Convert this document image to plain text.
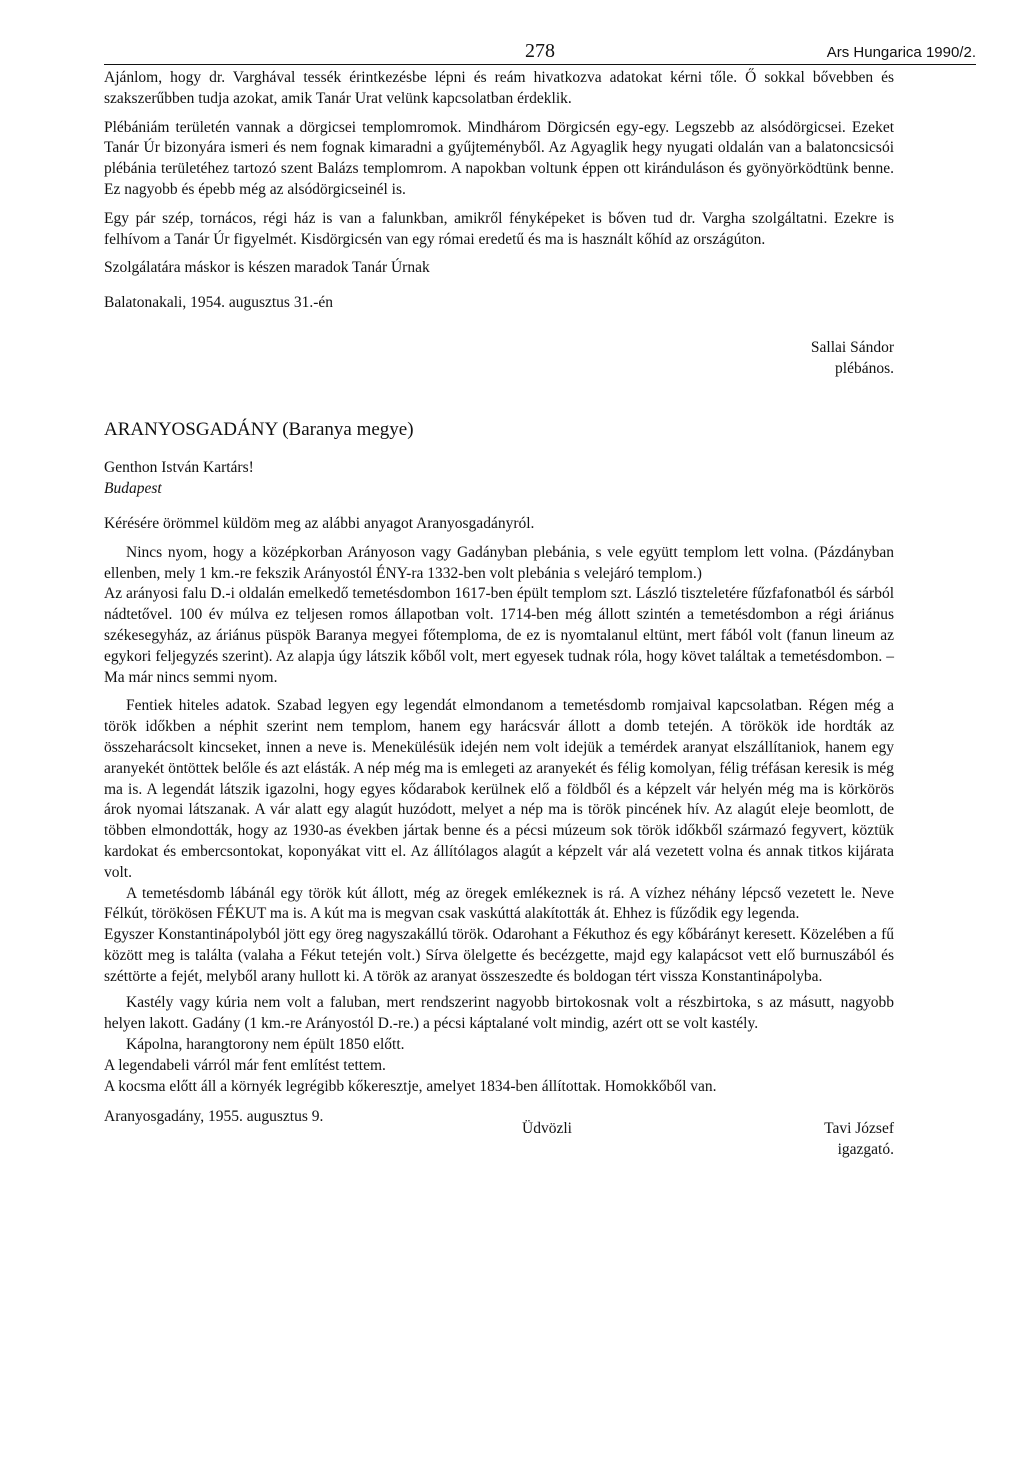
278	Ars Hungarica 1990/2.

Ajánlom, hogy dr. Varghával tessék érintkezésbe lépni és reám hivatkozva adatokat kérni tőle. Ő sokkal bővebben és szakszerűbben tudja azokat, amik Tanár Urat velünk kapcsolatban érdeklik.

Plébániám területén vannak a dörgicsei templomromok. Mindhárom Dörgicsén egy-egy. Legszebb az alsódörgicsei. Ezeket Tanár Úr bizonyára ismeri és nem fognak kimaradni a gyűjteményből. Az Agyaglik hegy nyugati oldalán van a balatoncsicsói plébánia területéhez tartozó szent Balázs templomrom. A napokban voltunk éppen ott kiránduláson és gyönyörködtünk benne. Ez nagyobb és épebb még az alsódörgicseinél is.

Egy pár szép, tornácos, régi ház is van a falunkban, amikről fényképeket is bőven tud dr. Vargha szolgáltatni. Ezekre is felhívom a Tanár Úr figyelmét. Kisdörgicsén van egy római eredetű és ma is használt kőhíd az országúton.

Szolgálatára máskor is készen maradok Tanár Úrnak

Balatonakali, 1954. augusztus 31.-én

Sallai Sándor
plébános.
ARANYOSGADÁNY (Baranya megye)
Genthon István Kartárs!
Budapest

Kérésére örömmel küldöm meg az alábbi anyagot Aranyosgadányról.

Nincs nyom, hogy a középkorban Arányoson vagy Gadányban plebánia, s vele együtt templom lett volna. (Pázdányban ellenben, mely 1 km.-re fekszik Arányostól ÉNY-ra 1332-ben volt plebánia s velejáró templom.)

Az arányosi falu D.-i oldalán emelkedő temetésdombon 1617-ben épült templom szt. László tiszteletére fűzfafonatból és sárból nádtetővel. 100 év múlva ez teljesen romos állapotban volt. 1714-ben még állott szintén a temetésdombon a régi áriánus székesegyház, az áriánus püspök Baranya megyei főtemploma, de ez is nyomtalanul eltünt, mert fából volt (fanun lineum az egykori feljegyzés szerint). Az alapja úgy látszik kőből volt, mert egyesek tudnak róla, hogy követ találtak a temetésdombon. – Ma már nincs semmi nyom.

Fentiek hiteles adatok. Szabad legyen egy legendát elmondanom a temetésdomb romjaival kapcsolatban. Régen még a török időkben a néphit szerint nem templom, hanem egy harácsvár állott a domb tetején. A törökök ide hordták az összeharácsolt kincseket, innen a neve is. Menekülésük idején nem volt idejük a temérdek aranyat elszállítaniok, hanem egy aranyekét öntöttek belőle és azt elásták. A nép még ma is emlegeti az aranyekét és félig komolyan, félig tréfásan keresik is még ma is. A legendát látszik igazolni, hogy egyes kődarabok kerülnek elő a földből és a képzelt vár helyén még ma is körkörös árok nyomai látszanak. A vár alatt egy alagút huzódott, melyet a nép ma is török pincének hív. Az alagút eleje beomlott, de többen elmondották, hogy az 1930-as években jártak benne és a pécsi múzeum sok török időkből származó fegyvert, köztük kardokat és embercsontokat, koponyákat vitt el. Az állítólagos alagút a képzelt vár alá vezetett volna és annak titkos kijárata volt.

A temetésdomb lábánál egy török kút állott, még az öregek emlékeznek is rá. A vízhez néhány lépcső vezetett le. Neve Félkút, törökösen FÉKUT ma is. A kút ma is megvan csak vaskúttá alakították át. Ehhez is fűződik egy legenda.

Egyszer Konstantinápolyból jött egy öreg nagyszakállú török. Odarohant a Fékuthoz és egy kőbárányt keresett. Közelében a fű között meg is találta (valaha a Fékut tetején volt.) Sírva ölelgette és becézgette, majd egy kalapácsot vett elő burnuszából és széttörte a fejét, melyből arany hullott ki. A török az aranyat összeszedte és boldogan tért vissza Konstantinápolyba.

Kastély vagy kúria nem volt a faluban, mert rendszerint nagyobb birtokosnak volt a részbirtoka, s az másutt, nagyobb helyen lakott. Gadány (1 km.-re Arányostól D.-re.) a pécsi káptalané volt mindig, azért ott se volt kastély.

Kápolna, harangtorony nem épült 1850 előtt.

A legendabeli várról már fent említést tettem.

A kocsma előtt áll a környék legrégibb kőkeresztje, amelyet 1834-ben állítottak. Homokkőből van.

Aranyosgadány, 1955. augusztus 9.
Üdvözli	Tavi József
igazgató.
